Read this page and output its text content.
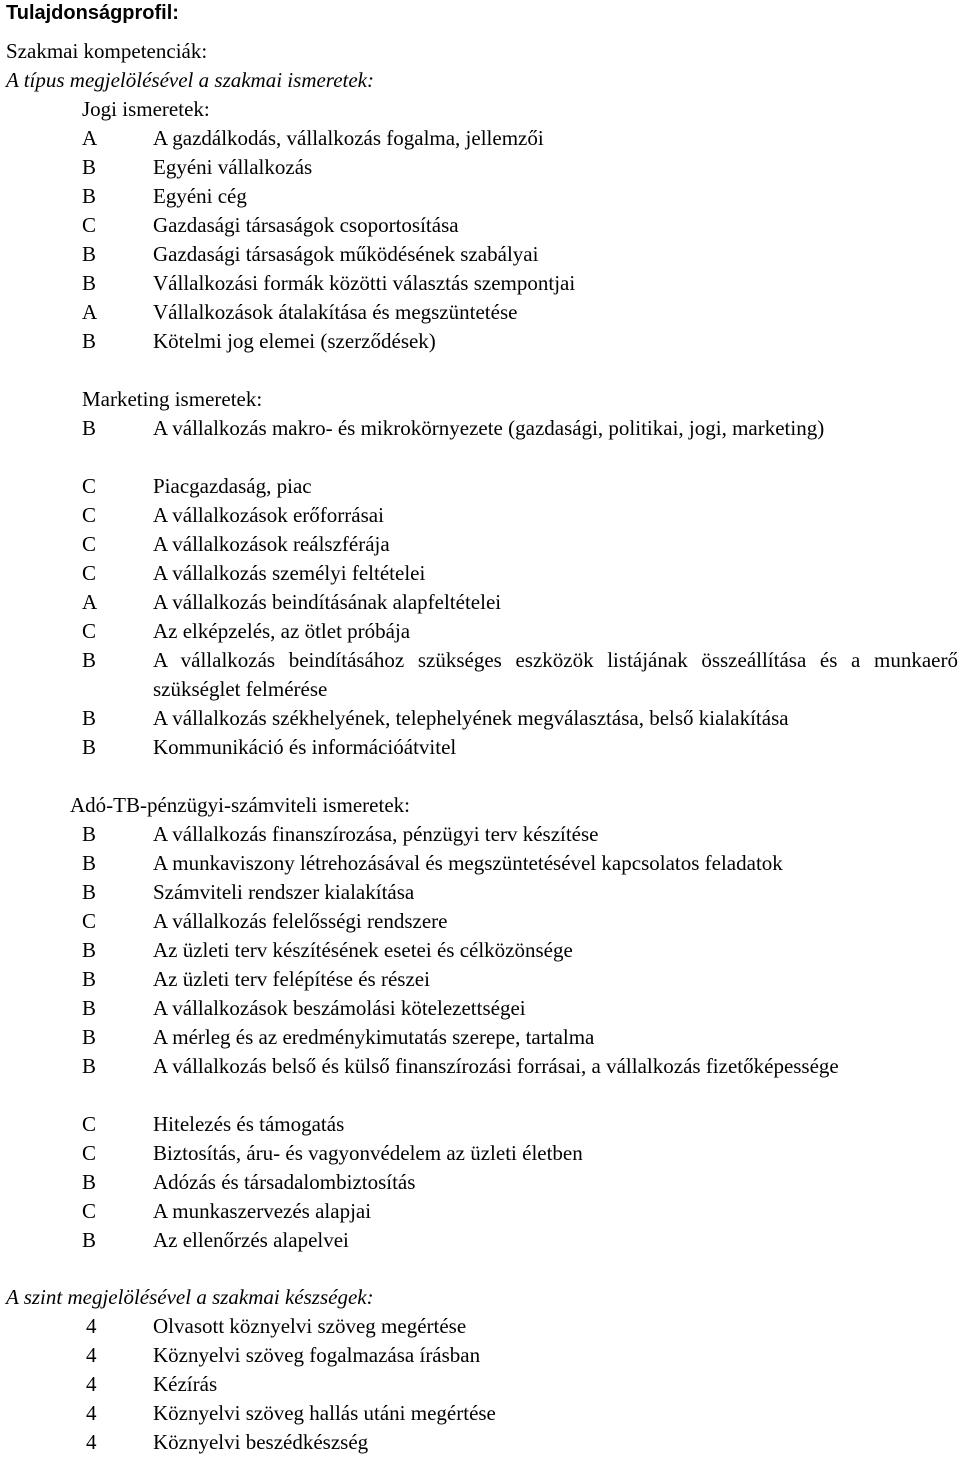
Tulajdonságprofil:
Szakmai kompetenciák:
A típus megjelölésével a szakmai ismeretek:
Jogi ismeretek:
A	A gazdálkodás, vállalkozás fogalma, jellemzői
B	Egyéni vállalkozás
B	Egyéni cég
C	Gazdasági társaságok csoportosítása
B	Gazdasági társaságok működésének szabályai
B	Vállalkozási formák közötti választás szempontjai
A	Vállalkozások átalakítása és megszüntetése
B	Kötelmi jog elemei (szerződések)
Marketing ismeretek:
B	A vállalkozás makro- és mikrokörnyezete (gazdasági, politikai, jogi, marketing)
C	Piacgazdaság, piac
C	A vállalkozások erőforrásai
C	A vállalkozások reálszférája
C	A vállalkozás személyi feltételei
A	A vállalkozás beindításának alapfeltételei
C	Az elképzelés, az ötlet próbája
B	A vállalkozás beindításához szükséges eszközök listájának összeállítása és a munkaerő szükséglet felmérése
B	A vállalkozás székhelyének, telephelyének megválasztása, belső kialakítása
B	Kommunikáció és információátvitel
Adó-TB-pénzügyi-számviteli ismeretek:
B	A vállalkozás finanszírozása, pénzügyi terv készítése
B	A munkaviszony létrehozásával és megszüntetésével kapcsolatos feladatok
B	Számviteli rendszer kialakítása
C	A vállalkozás felelősségi rendszere
B	Az üzleti terv készítésének esetei és célközönsége
B	Az üzleti terv felépítése és részei
B	A vállalkozások beszámolási kötelezettségei
B	A mérleg és az eredménykimutatás szerepe, tartalma
B	A vállalkozás belső és külső finanszírozási forrásai, a vállalkozás fizetőképessége
C	Hitelezés és támogatás
C	Biztosítás, áru- és vagyonvédelem az üzleti életben
B	Adózás és társadalombiztosítás
C	A munkaszervezés alapjai
B	Az ellenőrzés alapelvei
A szint megjelölésével a szakmai készségek:
4	Olvasott köznyelvi szöveg megértése
4	Köznyelvi szöveg fogalmazása írásban
4	Kézírás
4	Köznyelvi szöveg hallás utáni megértése
4	Köznyelvi beszédkészség
